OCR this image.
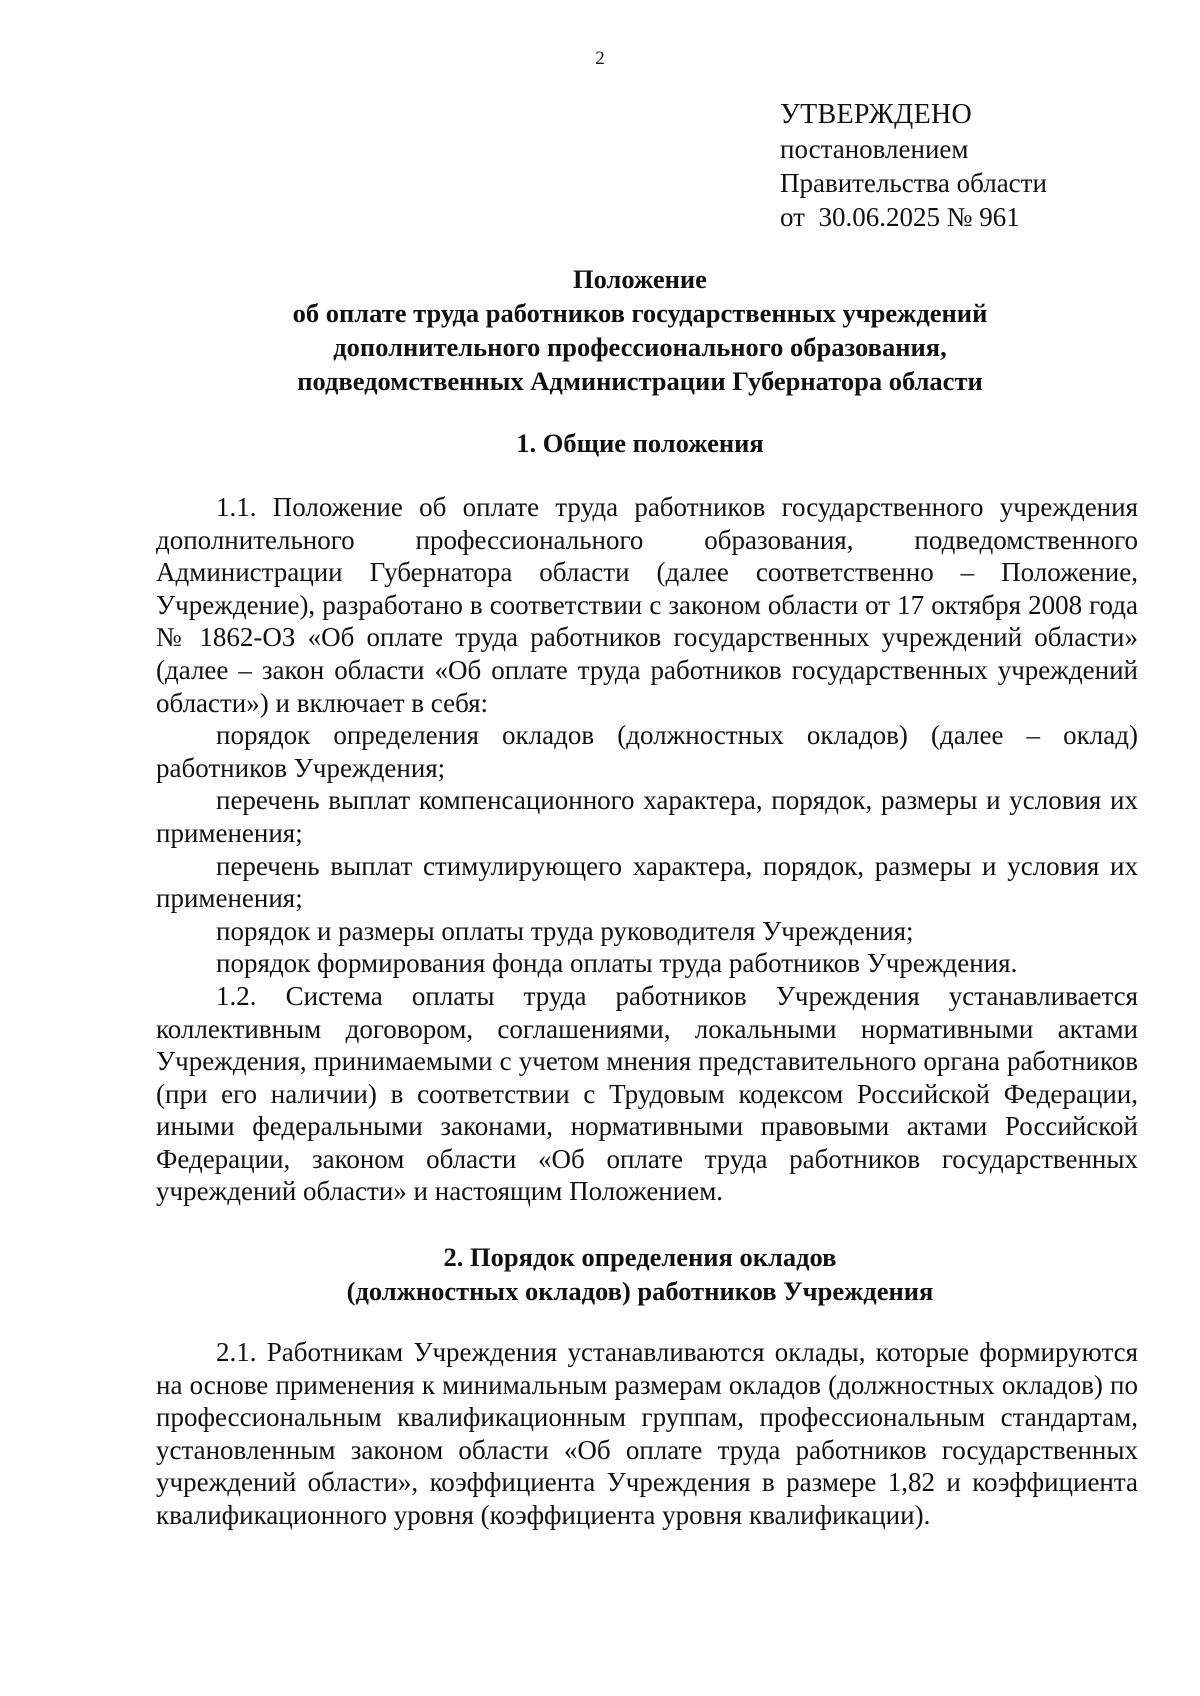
2
УТВЕРЖДЕНО
постановлением
Правительства области
от  30.06.2025 № 961
Положение
об оплате труда работников государственных учреждений
дополнительного профессионального образования,
подведомственных Администрации Губернатора области
1. Общие положения

1.1. Положение об оплате труда работников государственного учреждения дополнительного профессионального образования, подведомственного Администрации Губернатора области (далее соответственно – Положение, Учреждение), разработано в соответствии с законом области от 17 октября 2008 года № 1862-ОЗ «Об оплате труда работников государственных учреждений области» (далее – закон области «Об оплате труда работников государственных учреждений области») и включает в себя:

порядок определения окладов (должностных окладов) (далее – оклад) работников Учреждения;

перечень выплат компенсационного характера, порядок, размеры и условия их применения;

перечень выплат стимулирующего характера, порядок, размеры и условия их применения;

порядок и размеры оплаты труда руководителя Учреждения;

порядок формирования фонда оплаты труда работников Учреждения.

1.2. Система оплаты труда работников Учреждения устанавливается коллективным договором, соглашениями, локальными нормативными актами Учреждения, принимаемыми с учетом мнения представительного органа работников (при его наличии) в соответствии с Трудовым кодексом Российской Федерации, иными федеральными законами, нормативными правовыми актами Российской Федерации, законом области «Об оплате труда работников государственных учреждений области» и настоящим Положением.

2. Порядок определения окладов
(должностных окладов) работников Учреждения

2.1. Работникам Учреждения устанавливаются оклады, которые формируются на основе применения к минимальным размерам окладов (должностных окладов) по профессиональным квалификационным группам, профессиональным стандартам, установленным законом области «Об оплате труда работников государственных учреждений области», коэффициента Учреждения в размере 1,82 и коэффициента квалификационного уровня (коэффициента уровня квалификации).
